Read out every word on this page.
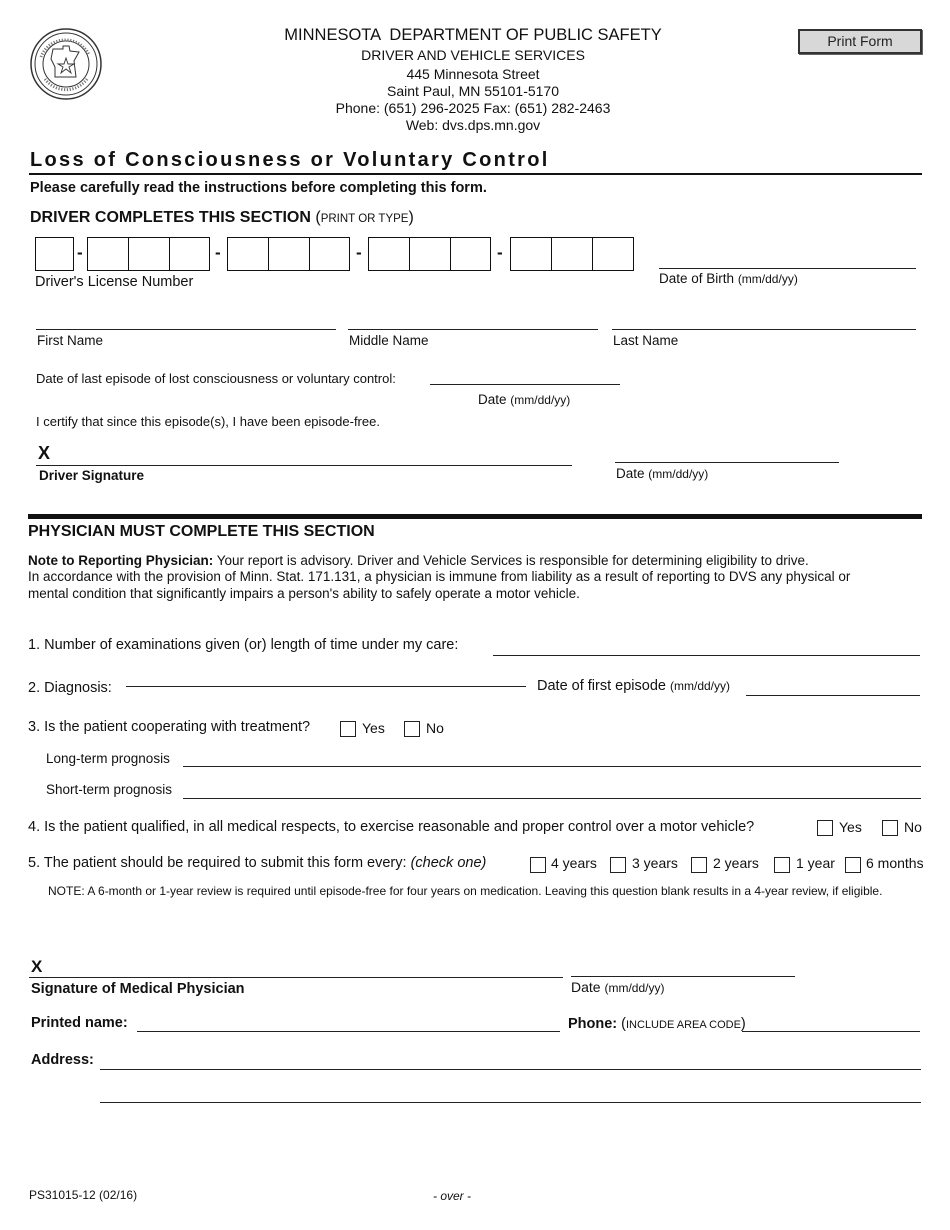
MINNESOTA  DEPARTMENT OF PUBLIC SAFETY
DRIVER AND VEHICLE SERVICES
445 Minnesota Street
Saint Paul, MN 55101-5170
Phone: (651) 296-2025 Fax: (651) 282-2463
Web: dvs.dps.mn.gov
Print Form
Loss of Consciousness or Voluntary Control
Please carefully read the instructions before completing this form.
DRIVER COMPLETES THIS SECTION (PRINT OR TYPE)
-	-	-	-
Driver's License Number	Date of Birth (mm/dd/yy)
First Name	Middle Name	Last Name
Date of last episode of lost consciousness or voluntary control:
Date (mm/dd/yy)
I certify that since this episode(s), I have been episode-free.
X
Driver Signature	Date (mm/dd/yy)
PHYSICIAN MUST COMPLETE THIS SECTION
Note to Reporting Physician: Your report is advisory. Driver and Vehicle Services is responsible for determining eligibility to drive.
In accordance with the provision of Minn. Stat. 171.131, a physician is immune from liability as a result of reporting to DVS any physical or
mental condition that significantly impairs a person's ability to safely operate a motor vehicle.
1. Number of examinations given (or) length of time under my care:
2. Diagnosis:	Date of first episode (mm/dd/yy)
3. Is the patient cooperating with treatment?	Yes	No
Long-term prognosis
Short-term prognosis
4. Is the patient qualified, in all medical respects, to exercise reasonable and proper control over a motor vehicle?	Yes	No
5. The patient should be required to submit this form every: (check one)	4 years	3 years	2 years	1 year 6 months
NOTE: A 6-month or 1-year review is required until episode-free for four years on medication. Leaving this question blank results in a 4-year review, if eligible.
X
Signature of Medical Physician	Date (mm/dd/yy)
Printed name:	Phone: (INCLUDE AREA CODE)
Address:
PS31015-12 (02/16)	- over -
